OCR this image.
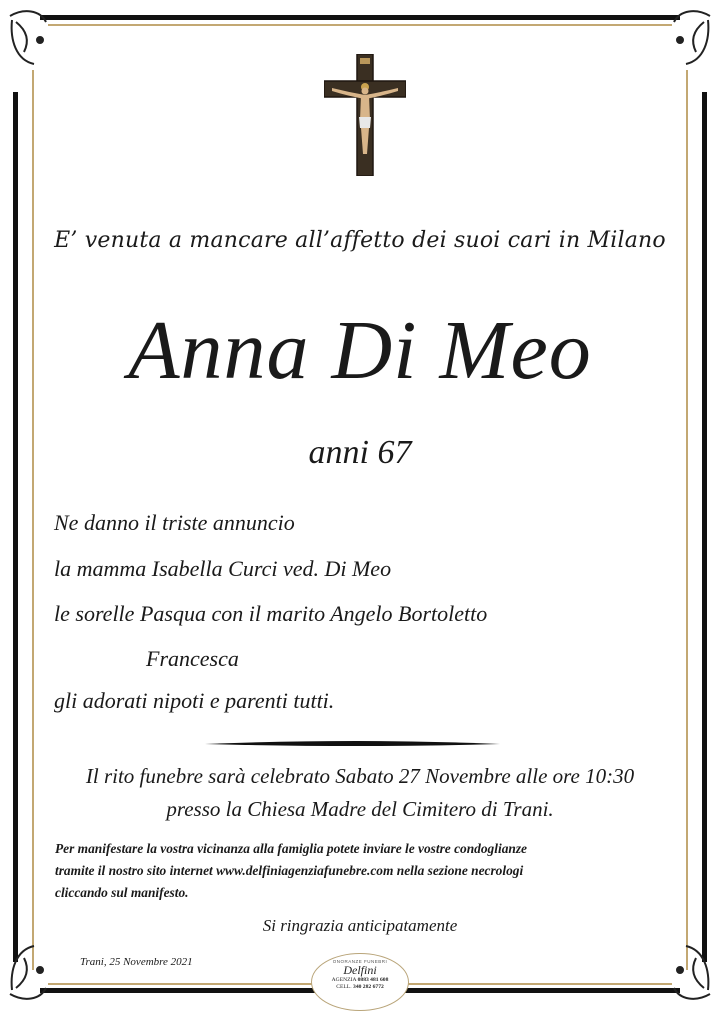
E’ venuta a mancare all’affetto dei suoi cari in Milano
Anna Di Meo
anni 67
Ne danno il triste annuncio
la mamma Isabella Curci ved. Di Meo
le sorelle Pasqua con il marito Angelo Bortoletto
Francesca
gli adorati nipoti e parenti tutti.
Il rito funebre sarà celebrato Sabato 27 Novembre alle ore 10:30
presso la Chiesa Madre del Cimitero di Trani.
Per manifestare la vostra vicinanza alla famiglia potete inviare le vostre condoglianze
tramite il nostro sito internet www.delfiniagenziafunebre.com nella sezione necrologi
cliccando sul manifesto.
Si ringrazia anticipatamente
Trani, 25 Novembre 2021	ONORANZE FUNEBRI
Delfini
AGENZIA 0883 481 608
CELL. 340 282 6772
